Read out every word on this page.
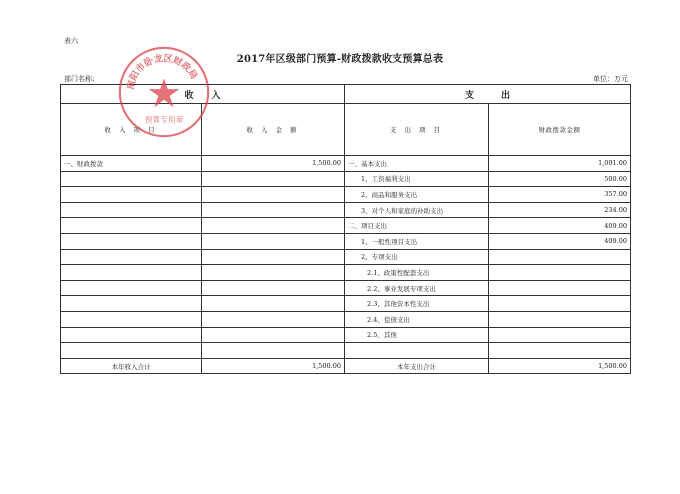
表六
2017年区级部门预算-财政拨款收支预算总表
部门名称:	单位：万元
收　　入		支　　　出	
收 入 项 目	收 入 金 额	支 出 项 目	财政拨款金额
一、财政拨款	1,500.00	一、基本支出	1,091.00
		1、工资福利支出	500.00
		2、商品和服务支出	357.00
		3、对个人和家庭的补助支出	234.00
		二、项目支出	409.00
		1、一般性项目支出	409.00
		2、专项支出	
		2.1、政策性配套支出	
		2.2、事业发展专项支出	
		2.3、其他资本性支出	
		2.4、偿债支出	
		2.5、其他	

本年收入合计	1,500.00	本年支出合计	1,500.00
南阳市卧龙区财政局
预算专用章
